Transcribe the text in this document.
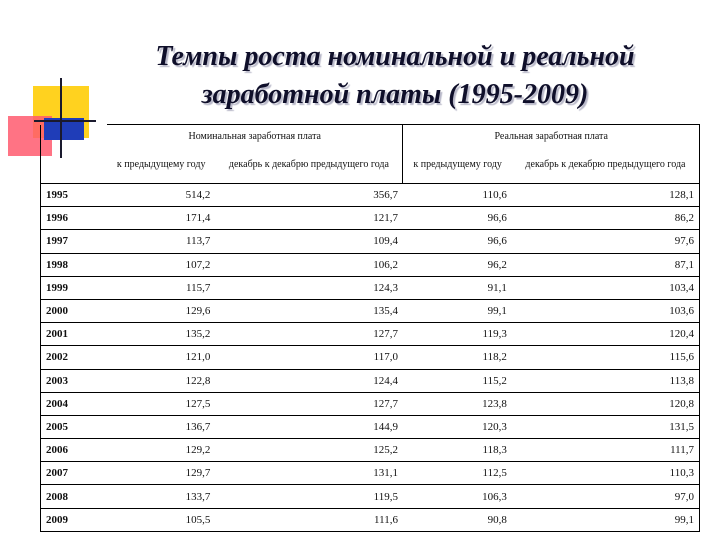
Темпы роста номинальной и реальной заработной платы (1995-2009)
	Номинальная заработная плата		Реальная заработная плата	
	к предыдущему году	декабрь к декабрю предыдущего года	к предыдущему году	декабрь к декабрю предыдущего года
1995	514,2	356,7	110,6	128,1
1996	171,4	121,7	96,6	86,2
1997	113,7	109,4	96,6	97,6
1998	107,2	106,2	96,2	87,1
1999	115,7	124,3	91,1	103,4
2000	129,6	135,4	99,1	103,6
2001	135,2	127,7	119,3	120,4
2002	121,0	117,0	118,2	115,6
2003	122,8	124,4	115,2	113,8
2004	127,5	127,7	123,8	120,8
2005	136,7	144,9	120,3	131,5
2006	129,2	125,2	118,3	111,7
2007	129,7	131,1	112,5	110,3
2008	133,7	119,5	106,3	97,0
2009	105,5	111,6	90,8	99,1
